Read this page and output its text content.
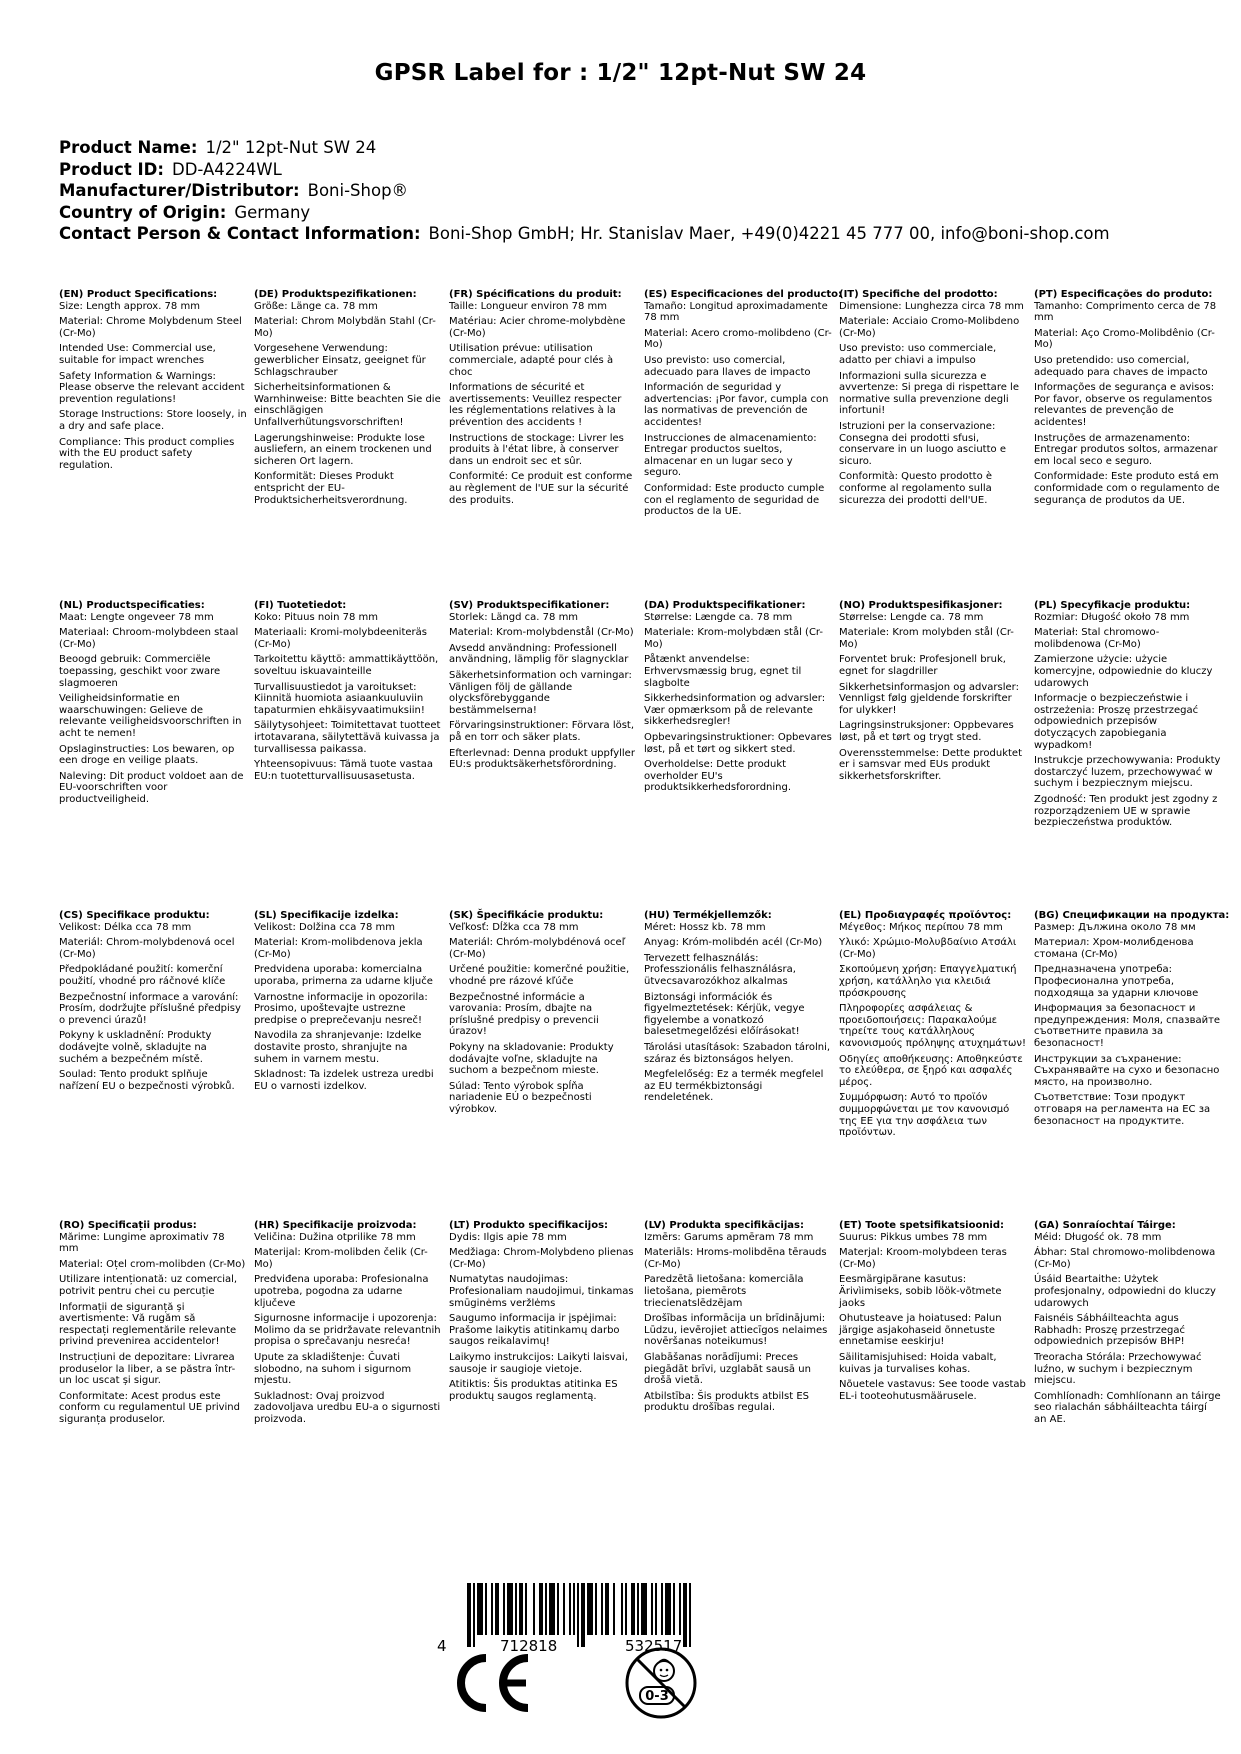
GPSR Label for : 1/2" 12pt-Nut SW 24
Product Name: 1/2" 12pt-Nut SW 24
Product ID: DD-A4224WL
Manufacturer/Distributor: Boni-Shop®
Country of Origin: Germany
Contact Person & Contact Information: Boni-Shop GmbH; Hr. Stanislav Maer, +49(0)4221 45 777 00, info@boni-shop.com
(EN) Product Specifications:

Size: Length approx. 78 mm

Material: Chrome Molybdenum Steel (Cr-Mo)

Intended Use: Commercial use, suitable for impact wrenches

Safety Information & Warnings: Please observe the relevant accident prevention regulations!

Storage Instructions: Store loosely, in a dry and safe place.

Compliance: This product complies with the EU product safety regulation.

(DE) Produktspezifikationen:

Größe: Länge ca. 78 mm

Material: Chrom Molybdän Stahl (Cr-Mo)

Vorgesehene Verwendung: gewerblicher Einsatz, geeignet für Schlagschrauber

Sicherheitsinformationen & Warnhinweise: Bitte beachten Sie die einschlägigen Unfallverhütungsvorschriften!

Lagerungshinweise: Produkte lose ausliefern, an einem trockenen und sicheren Ort lagern.

Konformität: Dieses Produkt entspricht der EU-Produktsicherheitsverordnung.

(FR) Spécifications du produit:

Taille: Longueur environ 78 mm

Matériau: Acier chrome-molybdène (Cr-Mo)

Utilisation prévue: utilisation commerciale, adapté pour clés à choc

Informations de sécurité et avertissements: Veuillez respecter les réglementations relatives à la prévention des accidents !

Instructions de stockage: Livrer les produits à l'état libre, à conserver dans un endroit sec et sûr.

Conformité: Ce produit est conforme au règlement de l'UE sur la sécurité des produits.

(ES) Especificaciones del producto:

Tamaño: Longitud aproximadamente 78 mm

Material: Acero cromo-molibdeno (Cr-Mo)

Uso previsto: uso comercial, adecuado para llaves de impacto

Información de seguridad y advertencias: ¡Por favor, cumpla con las normativas de prevención de accidentes!

Instrucciones de almacenamiento: Entregar productos sueltos, almacenar en un lugar seco y seguro.

Conformidad: Este producto cumple con el reglamento de seguridad de productos de la UE.

(IT) Specifiche del prodotto:

Dimensione: Lunghezza circa 78 mm

Materiale: Acciaio Cromo-Molibdeno (Cr-Mo)

Uso previsto: uso commerciale, adatto per chiavi a impulso

Informazioni sulla sicurezza e avvertenze: Si prega di rispettare le normative sulla prevenzione degli infortuni!

Istruzioni per la conservazione: Consegna dei prodotti sfusi, conservare in un luogo asciutto e sicuro.

Conformità: Questo prodotto è conforme al regolamento sulla sicurezza dei prodotti dell'UE.

(PT) Especificações do produto:

Tamanho: Comprimento cerca de 78 mm

Material: Aço Cromo-Molibdênio (Cr-Mo)

Uso pretendido: uso comercial, adequado para chaves de impacto

Informações de segurança e avisos: Por favor, observe os regulamentos relevantes de prevenção de acidentes!

Instruções de armazenamento: Entregar produtos soltos, armazenar em local seco e seguro.

Conformidade: Este produto está em conformidade com o regulamento de segurança de produtos da UE.

(NL) Productspecificaties:

Maat: Lengte ongeveer 78 mm

Materiaal: Chroom-molybdeen staal (Cr-Mo)

Beoogd gebruik: Commerciële toepassing, geschikt voor zware slagmoeren

Veiligheidsinformatie en waarschuwingen: Gelieve de relevante veiligheidsvoorschriften in acht te nemen!

Opslaginstructies: Los bewaren, op een droge en veilige plaats.

Naleving: Dit product voldoet aan de EU-voorschriften voor productveiligheid.

(FI) Tuotetiedot:

Koko: Pituus noin 78 mm

Materiaali: Kromi-molybdeeniteräs (Cr-Mo)

Tarkoitettu käyttö: ammattikäyttöön, soveltuu iskuavainteille

Turvallisuustiedot ja varoitukset: Kiinnitä huomiota asiaankuuluviin tapaturmien ehkäisyvaatimuksiin!

Säilytysohjeet: Toimitettavat tuotteet irtotavarana, säilytettävä kuivassa ja turvallisessa paikassa.

Yhteensopivuus: Tämä tuote vastaa EU:n tuotetturvallisuusasetusta.

(SV) Produktspecifikationer:

Storlek: Längd ca. 78 mm

Material: Krom-molybdenstål (Cr-Mo)

Avsedd användning: Professionell användning, lämplig för slagnycklar

Säkerhetsinformation och varningar: Vänligen följ de gällande olycksförebyggande bestämmelserna!

Förvaringsinstruktioner: Förvara löst, på en torr och säker plats.

Efterlevnad: Denna produkt uppfyller EU:s produktsäkerhetsförordning.

(DA) Produktspecifikationer:

Størrelse: Længde ca. 78 mm

Materiale: Krom-molybdæn stål (Cr-Mo)

Påtænkt anvendelse: Erhvervsmæssig brug, egnet til slagbolte

Sikkerhedsinformation og advarsler: Vær opmærksom på de relevante sikkerhedsregler!

Opbevaringsinstruktioner: Opbevares løst, på et tørt og sikkert sted.

Overholdelse: Dette produkt overholder EU's produktsikkerhedsforordning.

(NO) Produktspesifikasjoner:

Størrelse: Lengde ca. 78 mm

Materiale: Krom molybden stål (Cr-Mo)

Forventet bruk: Profesjonell bruk, egnet for slagdriller

Sikkerhetsinformasjon og advarsler: Vennligst følg gjeldende forskrifter for ulykker!

Lagringsinstruksjoner: Oppbevares løst, på et tørt og trygt sted.

Overensstemmelse: Dette produktet er i samsvar med EUs produkt sikkerhetsforskrifter.

(PL) Specyfikacje produktu:

Rozmiar: Długość około 78 mm

Materiał: Stal chromowo-molibdenowa (Cr-Mo)

Zamierzone użycie: użycie komercyjne, odpowiednie do kluczy udarowych

Informacje o bezpieczeństwie i ostrzeżenia: Proszę przestrzegać odpowiednich przepisów dotyczących zapobiegania wypadkom!

Instrukcje przechowywania: Produkty dostarczyć luzem, przechowywać w suchym i bezpiecznym miejscu.

Zgodność: Ten produkt jest zgodny z rozporządzeniem UE w sprawie bezpieczeństwa produktów.

(CS) Specifikace produktu:

Velikost: Délka cca 78 mm

Materiál: Chrom-molybdenová ocel (Cr-Mo)

Předpokládané použití: komerční použití, vhodné pro ráčnové klíče

Bezpečnostní informace a varování: Prosím, dodržujte příslušné předpisy o prevenci úrazů!

Pokyny k uskladnění: Produkty dodávejte volně, skladujte na suchém a bezpečném místě.

Soulad: Tento produkt splňuje nařízení EU o bezpečnosti výrobků.

(SL) Specifikacije izdelka:

Velikost: Dolžina cca 78 mm

Material: Krom-molibdenova jekla (Cr-Mo)

Predvidena uporaba: komercialna uporaba, primerna za udarne ključe

Varnostne informacije in opozorila: Prosimo, upoštevajte ustrezne predpise o preprečevanju nesreč!

Navodila za shranjevanje: Izdelke dostavite prosto, shranjujte na suhem in varnem mestu.

Skladnost: Ta izdelek ustreza uredbi EU o varnosti izdelkov.

(SK) Špecifikácie produktu:

Veľkosť: Dĺžka cca 78 mm

Materiál: Chróm-molybdénová oceľ (Cr-Mo)

Určené použitie: komerčné použitie, vhodné pre rázové kľúče

Bezpečnostné informácie a varovania: Prosím, dbajte na príslušné predpisy o prevencii úrazov!

Pokyny na skladovanie: Produkty dodávajte voľne, skladujte na suchom a bezpečnom mieste.

Súlad: Tento výrobok spĺňa nariadenie EÚ o bezpečnosti výrobkov.

(HU) Termékjellemzők:

Méret: Hossz kb. 78 mm

Anyag: Króm-molibdén acél (Cr-Mo)

Tervezett felhasználás: Professzionális felhasználásra, ütvecsavarozókhoz alkalmas

Biztonsági információk és figyelmeztetések: Kérjük, vegye figyelembe a vonatkozó balesetmegelőzési előírásokat!

Tárolási utasítások: Szabadon tárolni, száraz és biztonságos helyen.

Megfelelőség: Ez a termék megfelel az EU termékbiztonsági rendeletének.

(EL) Προδιαγραφές προϊόντος:

Μέγεθος: Μήκος περίπου 78 mm

Υλικό: Χρώμιο-Μολυβδαίνιο Ατσάλι (Cr-Mo)

Σκοπούμενη χρήση: Επαγγελματική χρήση, κατάλληλο για κλειδιά πρόσκρουσης

Πληροφορίες ασφάλειας & προειδοποιήσεις: Παρακαλούμε τηρείτε τους κατάλληλους κανονισμούς πρόληψης ατυχημάτων!

Οδηγίες αποθήκευσης: Αποθηκεύστε το ελεύθερα, σε ξηρό και ασφαλές μέρος.

Συμμόρφωση: Αυτό το προϊόν συμμορφώνεται με τον κανονισμό της ΕΕ για την ασφάλεια των προϊόντων.

(BG) Спецификации на продукта:

Размер: Дължина около 78 мм

Материал: Хром-молибденова стомана (Cr-Mo)

Предназначена употреба: Професионална употреба, подходяща за ударни ключове

Информация за безопасност и предупреждения: Моля, спазвайте съответните правила за безопасност!

Инструкции за съхранение: Съхранявайте на сухо и безопасно място, на произволно.

Съответствие: Този продукт отговаря на регламента на ЕС за безопасност на продуктите.

(RO) Specificații produs:

Mărime: Lungime aproximativ 78 mm

Material: Oțel crom-molibden (Cr-Mo)

Utilizare intenționată: uz comercial, potrivit pentru chei cu percuție

Informații de siguranță și avertismente: Vă rugăm să respectați reglementările relevante privind prevenirea accidentelor!

Instrucțiuni de depozitare: Livrarea produselor la liber, a se păstra într-un loc uscat și sigur.

Conformitate: Acest produs este conform cu regulamentul UE privind siguranța produselor.

(HR) Specifikacije proizvoda:

Veličina: Dužina otprilike 78 mm

Materijal: Krom-molibden čelik (Cr-Mo)

Predviđena uporaba: Profesionalna upotreba, pogodna za udarne ključeve

Sigurnosne informacije i upozorenja: Molimo da se pridržavate relevantnih propisa o sprečavanju nesreća!

Upute za skladištenje: Čuvati slobodno, na suhom i sigurnom mjestu.

Sukladnost: Ovaj proizvod zadovoljava uredbu EU-a o sigurnosti proizvoda.

(LT) Produkto specifikacijos:

Dydis: Ilgis apie 78 mm

Medžiaga: Chrom-Molybdeno plienas (Cr-Mo)

Numatytas naudojimas: Profesionaliam naudojimui, tinkamas smūginėms veržlėms

Saugumo informacija ir įspėjimai: Prašome laikytis atitinkamų darbo saugos reikalavimų!

Laikymo instrukcijos: Laikyti laisvai, sausoje ir saugioje vietoje.

Atitiktis: Šis produktas atitinka ES produktų saugos reglamentą.

(LV) Produkta specifikācijas:

Izmērs: Garums apmēram 78 mm

Materiāls: Hroms-molibdēna tērauds (Cr-Mo)

Paredzētā lietošana: komerciāla lietošana, piemērots triecienatslēdzējam

Drošības informācija un brīdinājumi: Lūdzu, ievērojiet attiecīgos nelaimes novēršanas noteikumus!

Glabāšanas norādījumi: Preces piegādāt brīvi, uzglabāt sausā un drošā vietā.

Atbilstība: Šis produkts atbilst ES produktu drošības regulai.

(ET) Toote spetsifikatsioonid:

Suurus: Pikkus umbes 78 mm

Materjal: Kroom-molybdeen teras (Cr-Mo)

Eesmärgipärane kasutus: Ärivìimiseks, sobib löök-võtmete jaoks

Ohutusteave ja hoiatused: Palun järgige asjakohaseid õnnetuste ennetamise eeskirju!

Säilitamisjuhised: Hoida vabalt, kuivas ja turvalises kohas.

Nõuetele vastavus: See toode vastab EL-i tooteohutusmäärusele.

(GA) Sonraíochtaí Táirge:

Méid: Długość ok. 78 mm

Ábhar: Stal chromowo-molibdenowa (Cr-Mo)

Úsáid Beartaithe: Użytek profesjonalny, odpowiedni do kluczy udarowych

Faisnéis Sábháilteachta agus Rabhadh: Proszę przestrzegać odpowiednich przepisów BHP!

Treoracha Stórála: Przechowywać luźno, w suchym i bezpiecznym miejscu.

Comhlíonadh: Comhlíonann an táirge seo rialachán sábháilteachta táirgí an AE.

4	712818	532517
0-3
